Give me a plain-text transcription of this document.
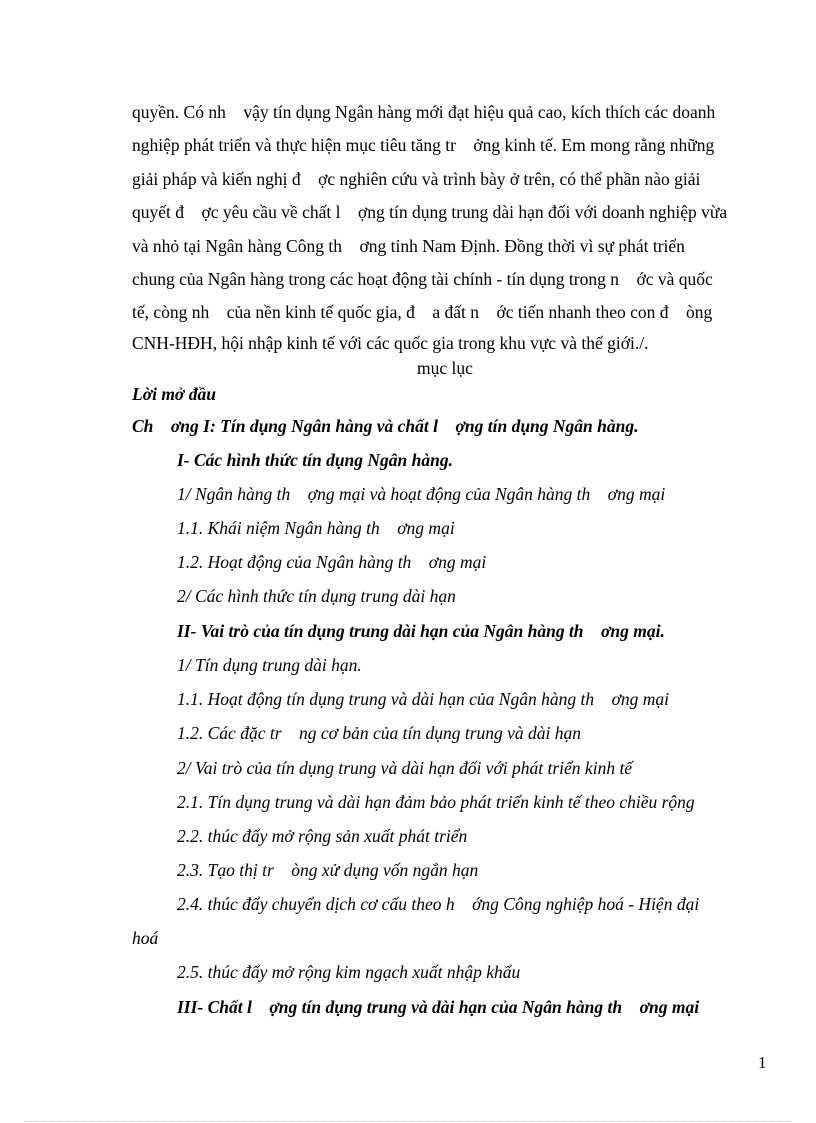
quyền. Có nh    vậy tín dụng Ngân hàng mới đạt hiệu quả cao, kích thích các doanh
nghiệp phát triển và thực hiện mục tiêu tăng tr    ởng kinh tế. Em mong rằng những
giải pháp và kiến nghị đ    ợc nghiên cứu và trình bày ở trên, có thể phần nào giải
quyết đ    ợc yêu cầu về chất l    ợng tín dụng trung dài hạn đối với doanh nghiệp vừa
và nhỏ tại Ngân hàng Công th    ơng tỉnh Nam Định. Đồng thời vì sự phát triển
chung của Ngân hàng trong các hoạt động tài chính - tín dụng trong n    ớc và quốc
tế, còng nh    của nền kinh tế quốc gia, đ    a đất n    ớc tiến nhanh theo con đ    òng
CNH-HĐH, hội nhập kinh tế với các quốc gia trong khu vực và thế giới./.
mục lục
Lời mở đầu
Ch    ơng I: Tín dụng Ngân hàng và chất l    ợng tín dụng Ngân hàng.
I- Các hình thức tín dụng Ngân hàng.
1/ Ngân hàng th    ợng mại và hoạt động của Ngân hàng th    ơng mại
1.1. Khái niệm Ngân hàng th    ơng mại
1.2. Hoạt động của Ngân hàng th    ơng mại
2/ Các hình thức tín dụng trung dài hạn
II- Vai trò của tín dụng trung dài hạn của Ngân hàng th    ơng mại.
1/ Tín dụng trung dài hạn.
1.1. Hoạt động tín dụng trung và dài hạn của Ngân hàng th    ơng mại
1.2. Các đặc tr    ng cơ bản của tín dụng trung và dài hạn
2/ Vai trò của tín dụng trung và dài hạn đối với phát triển kinh tế
2.1. Tín dụng trung và dài hạn đảm bảo phát triển kinh tế theo chiều rộng
2.2. thúc đẩy mở rộng sản xuất phát triển
2.3. Tạo thị tr    òng xử dụng vốn ngắn hạn
2.4. thúc đẩy chuyển dịch cơ cấu theo h    ớng Công nghiệp hoá - Hiện đại
hoá
2.5. thúc đẩy mở rộng kim ngạch xuất nhập khẩu
III- Chất l    ợng tín dụng trung và dài hạn của Ngân hàng th    ơng mại
1
